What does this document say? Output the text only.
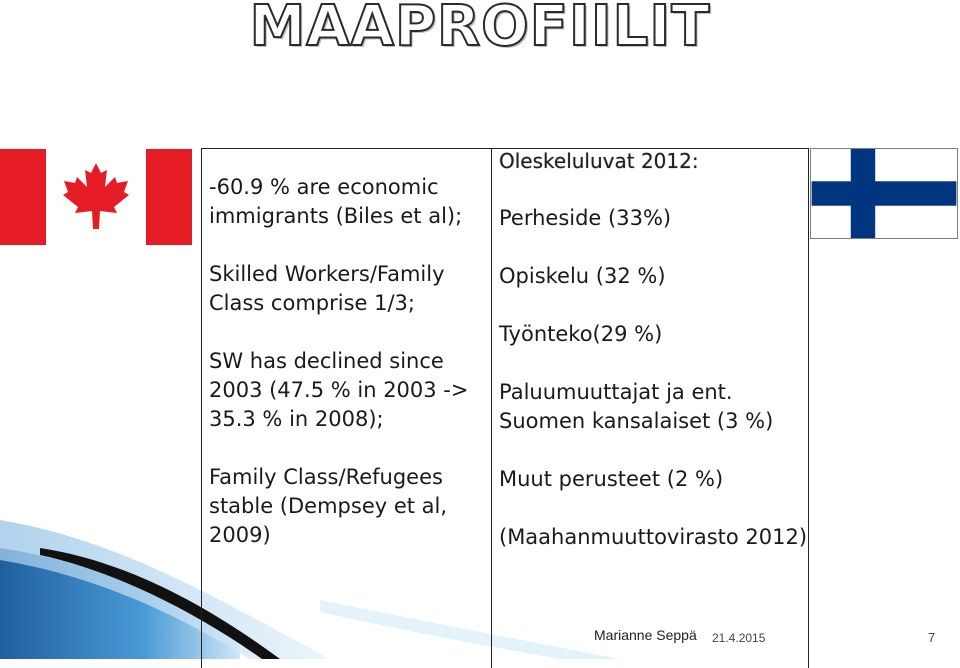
MAAPROFIILIT

-60.9 % are economic immigrants (Biles et al);
Skilled Workers/Family Class comprise 1/3;
SW has declined since 2003 (47.5 % in 2003 -> 35.3 % in 2008);
Family Class/Refugees stable (Dempsey et al, 2009)

Oleskeluluvat 2012:
Perheside (33%)
Opiskelu (32 %)
Työnteko(29 %)
Paluumuuttajat ja ent. Suomen kansalaiset (3 %)
Muut perusteet (2 %)
(Maahanmuuttovirasto 2012)
Marianne Seppä 21.4.2015	7
